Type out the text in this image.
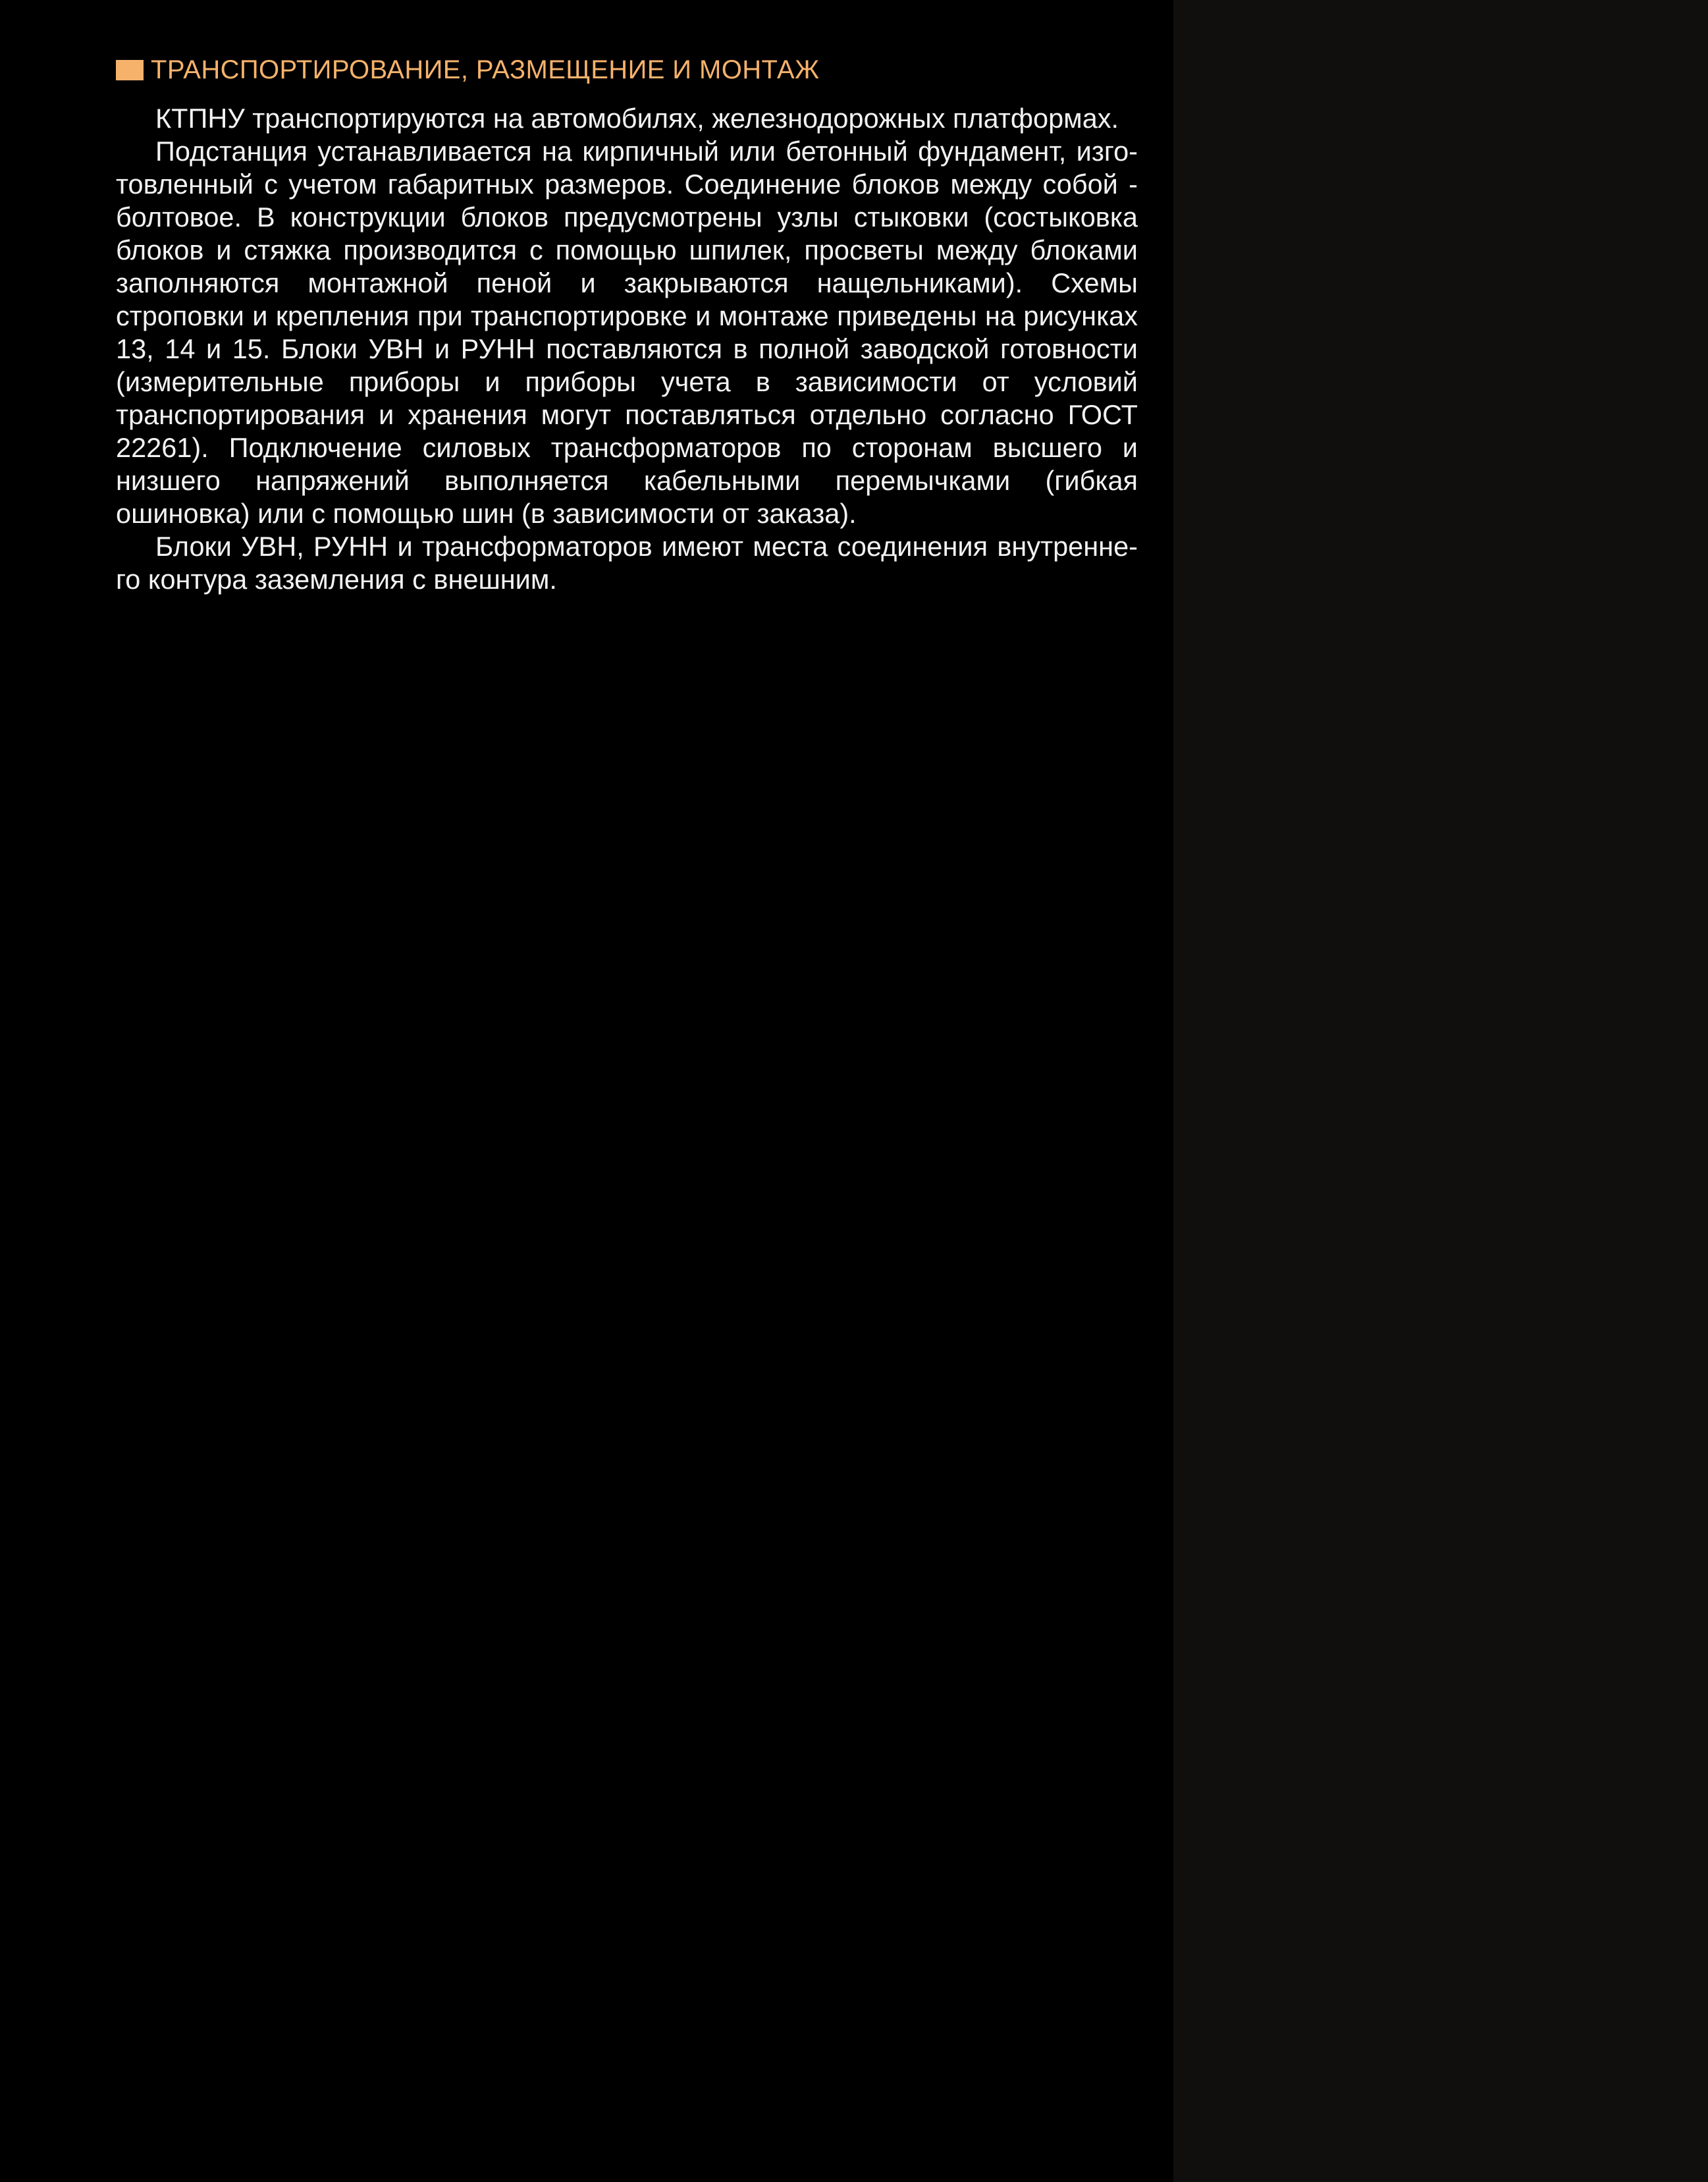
ТРАНСПОРТИРОВАНИЕ, РАЗМЕЩЕНИЕ И МОНТАЖ

КТПНУ транспортируются на автомобилях, железнодорожных платформах.

Подстанция устанавливается на кирпичный или бетонный фундамент, изготовленный с учетом габаритных размеров. Соединение блоков между собой - болтовое. В конструкции блоков предусмотрены узлы стыковки (состыковка блоков и стяжка производится с помощью шпилек, просветы между блоками заполняются монтажной пеной и закрываются нащельниками). Схемы строповки и крепления при транспортировке и монтаже приведены на рисунках 13, 14 и 15. Блоки УВН и РУНН поставляются в полной заводской готовности (измерительные приборы и приборы учета в зависимости от условий транспортирования и хранения могут поставляться отдельно согласно ГОСТ 22261). Подключение силовых трансформаторов по сторонам высшего и низшего напряжений выполняется кабельными перемычками (гибкая ошиновка) или с помощью шин (в зависимости от заказа).

Блоки УВН, РУНН и трансформаторов имеют места соединения внутреннего контура заземления с внешним.
